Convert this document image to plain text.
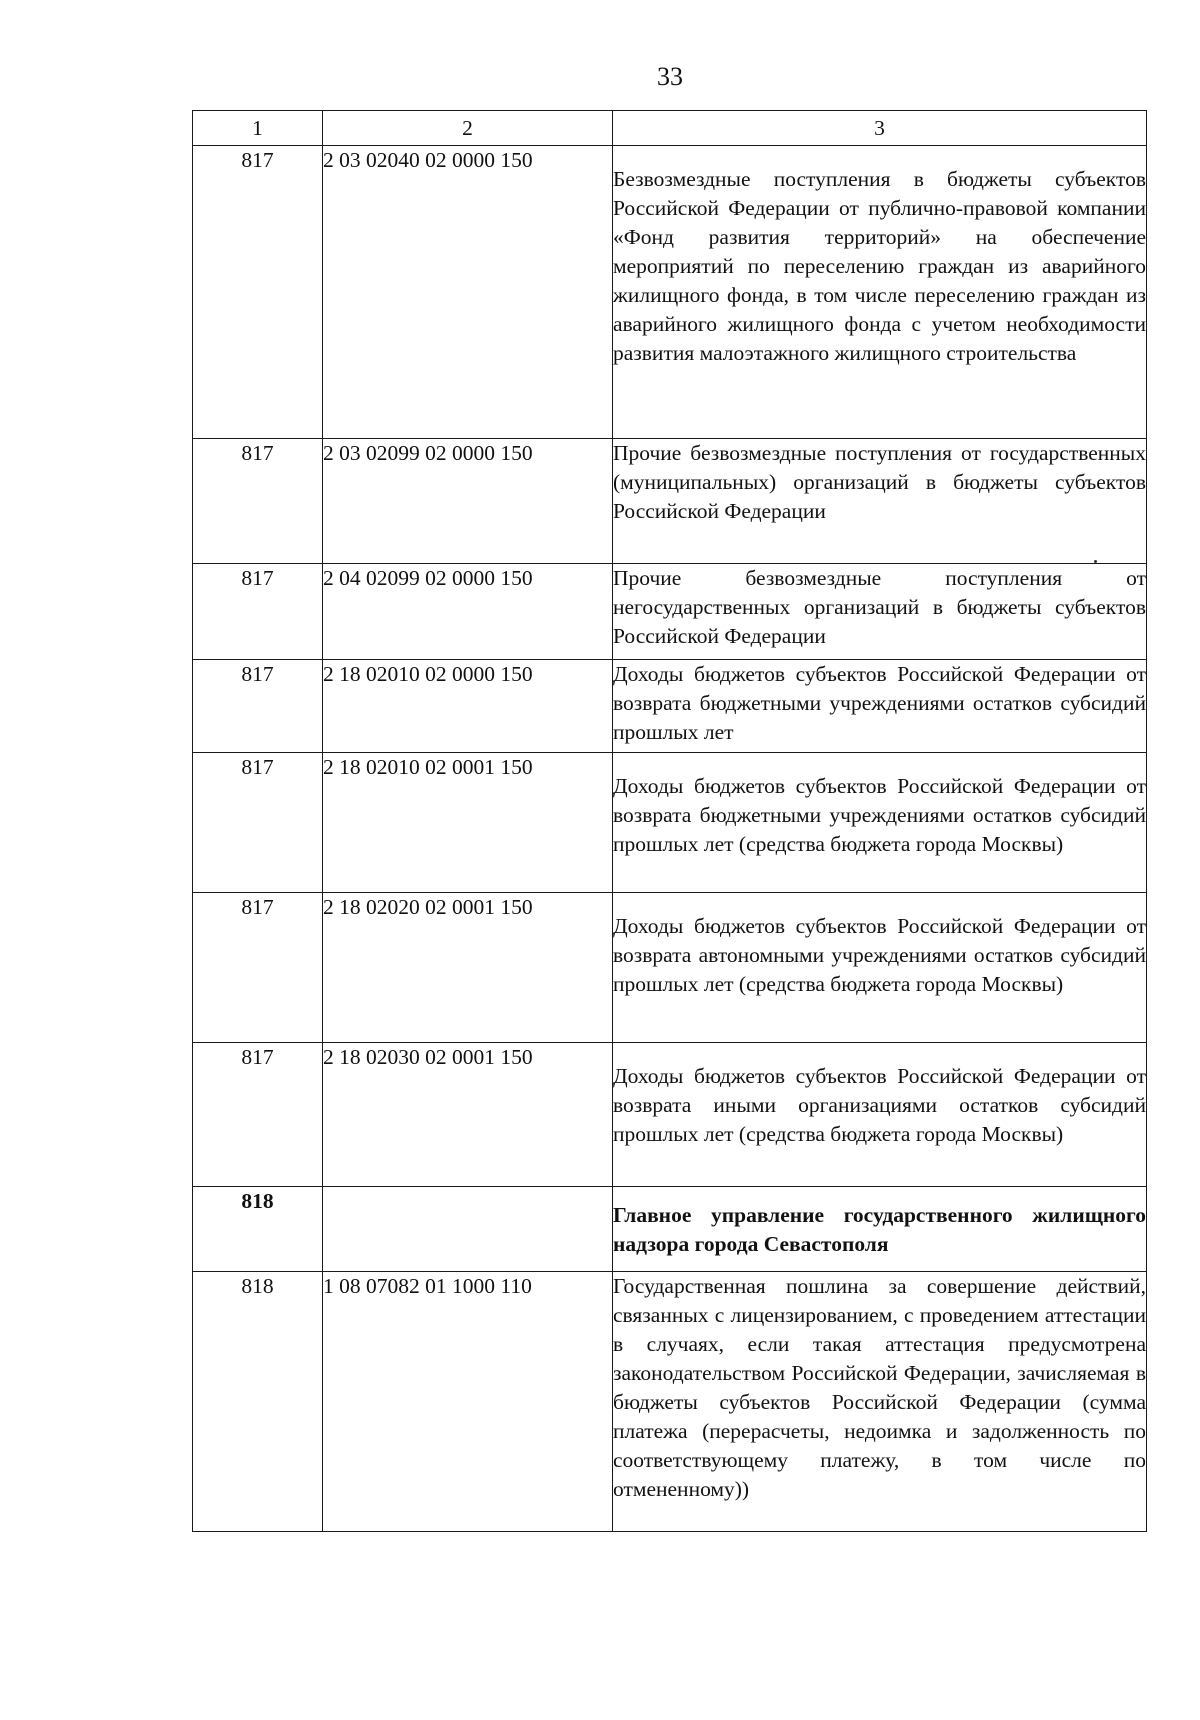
33
1	2	3
817	2 03 02040 02 0000 150	Безвозмездные поступления в бюджеты субъектов Российской Федерации от публично-правовой компании «Фонд развития территорий» на обеспечение мероприятий по переселению граждан из аварийного жилищного фонда, в том числе переселению граждан из аварийного жилищного фонда с учетом необходимости развития малоэтажного жилищного строительства
817	2 03 02099 02 0000 150	Прочие безвозмездные поступления от государственных (муниципальных) организаций в бюджеты субъектов Российской Федерации
817	2 04 02099 02 0000 150	Прочие безвозмездные поступления от негосударственных организаций в бюджеты субъектов Российской Федерации
817	2 18 02010 02 0000 150	Доходы бюджетов субъектов Российской Федерации от возврата бюджетными учреждениями остатков субсидий прошлых лет
817	2 18 02010 02 0001 150	Доходы бюджетов субъектов Российской Федерации от возврата бюджетными учреждениями остатков субсидий прошлых лет (средства бюджета города Москвы)
817	2 18 02020 02 0001 150	Доходы бюджетов субъектов Российской Федерации от возврата автономными учреждениями остатков субсидий прошлых лет (средства бюджета города Москвы)
817	2 18 02030 02 0001 150	Доходы бюджетов субъектов Российской Федерации от возврата иными организациями остатков субсидий прошлых лет (средства бюджета города Москвы)
818		Главное управление государственного жилищного надзора города Севастополя
818	1 08 07082 01 1000 110	Государственная пошлина за совершение действий, связанных с лицензированием, с проведением аттестации в случаях, если такая аттестация предусмотрена законодательством Российской Федерации, зачисляемая в бюджеты субъектов Российской Федерации (сумма платежа (перерасчеты, недоимка и задолженность по соответствующему платежу, в том числе по отмененному))
